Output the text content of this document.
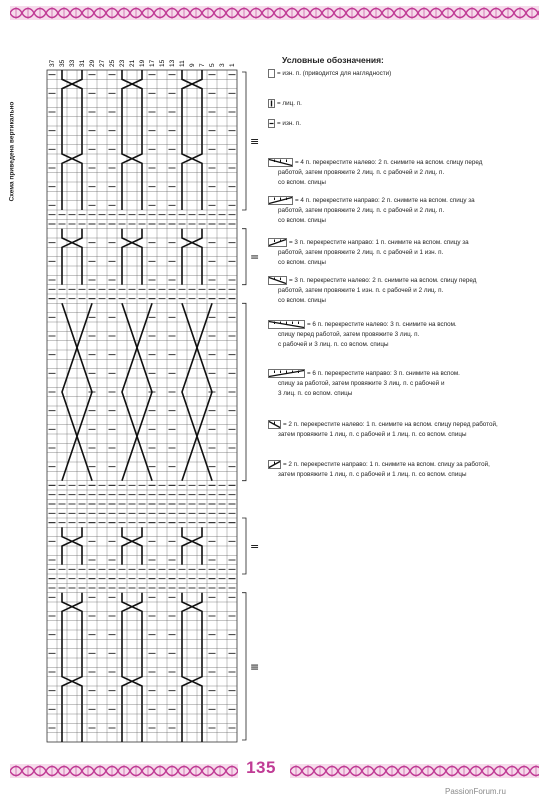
135
PassionForum.ru
Схема приведена вертикально
37 35 33 31 29 27 25 23 21 19 17 15 13 11 9 7 5 3 1
≡
=
=
≡
Условные обозначения:
= изн. п. (приводится для наглядности)
= лиц. п.
= изн. п.
= 4 п. перекрестите налево: 2 п. снимите на вспом. спицу перед
работой, затем провяжите 2 лиц. п. с рабочей и 2 лиц. п.
со вспом. спицы
= 4 п. перекрестите направо: 2 п. снимите на вспом. спицу за
работой, затем провяжите 2 лиц. п. с рабочей и 2 лиц. п.
со вспом. спицы
= 3 п. перекрестите направо: 1 п. снимите на вспом. спицу за
работой, затем провяжите 2 лиц. п. с рабочей и 1 изн. п.
со вспом. спицы
= 3 п. перекрестите налево: 2 п. снимите на вспом. спицу перед
работой, затем провяжите 1 изн. п. с рабочей и 2 лиц. п.
со вспом. спицы
= 6 п. перекрестите налево: 3 п. снимите на вспом.
спицу перед работой, затем провяжите 3 лиц. п.
с рабочей и 3 лиц. п. со вспом. спицы
= 6 п. перекрестите направо: 3 п. снимите на вспом.
спицу за работой, затем провяжите 3 лиц. п. с рабочей и
3 лиц. п. со вспом. спицы
= 2 п. перекрестите налево: 1 п. снимите на вспом. спицу перед работой,
затем провяжите 1 лиц. п. с рабочей и 1 лиц. п. со вспом. спицы
= 2 п. перекрестите направо: 1 п. снимите на вспом. спицу за работой,
затем провяжите 1 лиц. п. с рабочей и 1 лиц. п. со вспом. спицы
